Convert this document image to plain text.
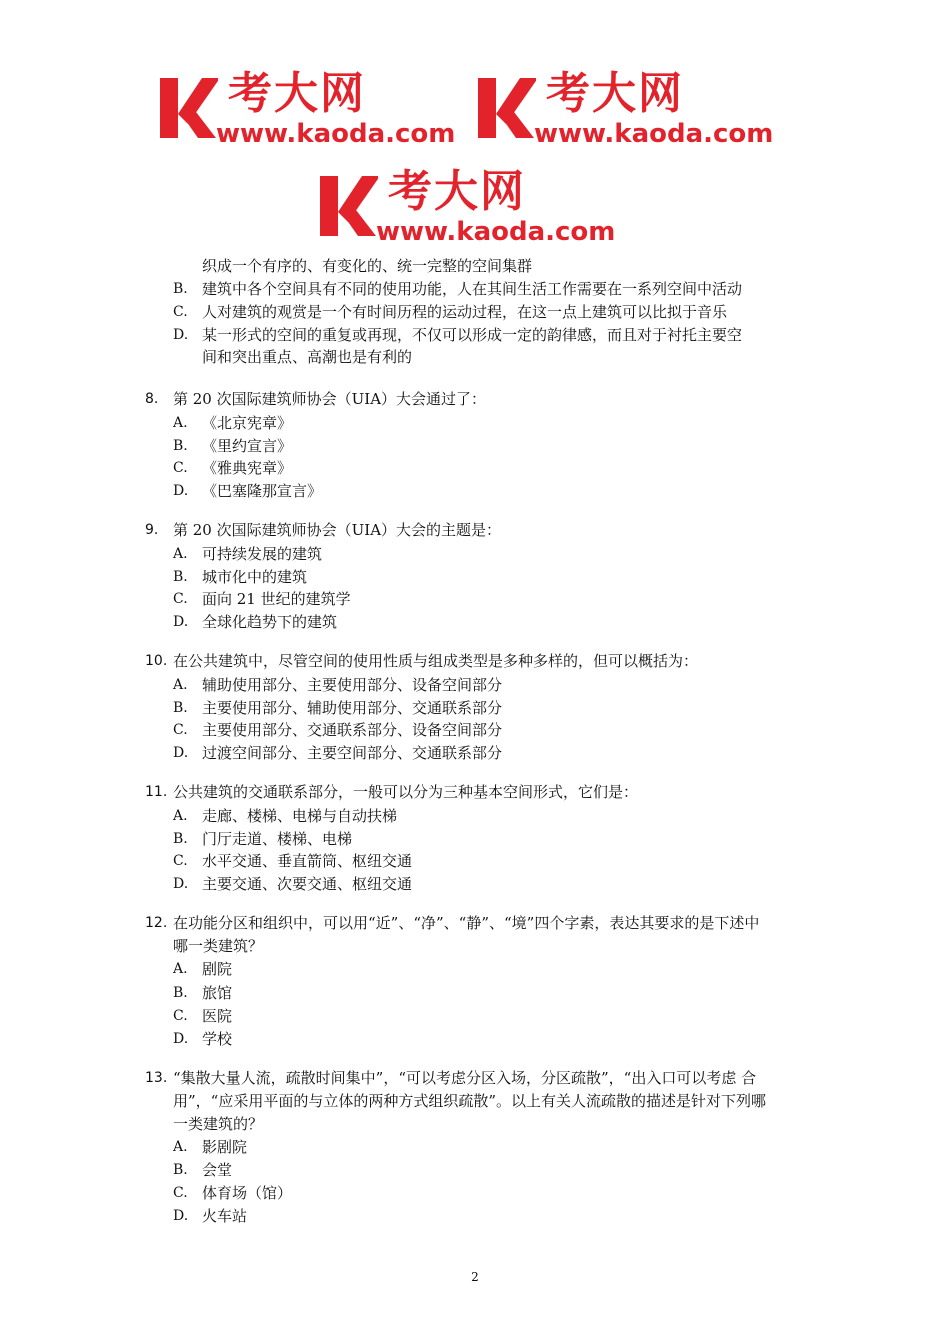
考大网
www.kaoda.com
考大网
www.kaoda.com
考大网
www.kaoda.com
织成一个有序的、有变化的、统一完整的空间集群
B. 建筑中各个空间具有不同的使用功能，人在其间生活工作需要在一系列空间中活动
C. 人对建筑的观赏是一个有时间历程的运动过程，在这一点上建筑可以比拟于音乐
D. 某一形式的空间的重复或再现，不仅可以形成一定的韵律感，而且对于衬托主要空
间和突出重点、高潮也是有利的
8. 第 20 次国际建筑师协会（UIA）大会通过了：
A. 《北京宪章》
B. 《里约宣言》
C. 《雅典宪章》
D. 《巴塞隆那宣言》
9. 第 20 次国际建筑师协会（UIA）大会的主题是：
A. 可持续发展的建筑
B. 城市化中的建筑
C. 面向 21 世纪的建筑学
D. 全球化趋势下的建筑
10. 在公共建筑中，尽管空间的使用性质与组成类型是多种多样的，但可以概括为：
A. 辅助使用部分、主要使用部分、设备空间部分
B. 主要使用部分、辅助使用部分、交通联系部分
C. 主要使用部分、交通联系部分、设备空间部分
D. 过渡空间部分、主要空间部分、交通联系部分
11. 公共建筑的交通联系部分，一般可以分为三种基本空间形式，它们是：
A. 走廊、楼梯、电梯与自动扶梯
B. 门厅走道、楼梯、电梯
C. 水平交通、垂直箭筒、枢纽交通
D. 主要交通、次要交通、枢纽交通
12. 在功能分区和组织中，可以用“近”、“净”、“静”、“境”四个字素，表达其要求的是下述中
哪一类建筑？
A. 剧院
B. 旅馆
C. 医院
D. 学校
13. “集散大量人流，疏散时间集中”，“可以考虑分区入场，分区疏散”，“出入口可以考虑 合
用”，“应采用平面的与立体的两种方式组织疏散”。以上有关人流疏散的描述是针对下列哪
一类建筑的？
A. 影剧院
B. 会堂
C. 体育场（馆）
D. 火车站
2
